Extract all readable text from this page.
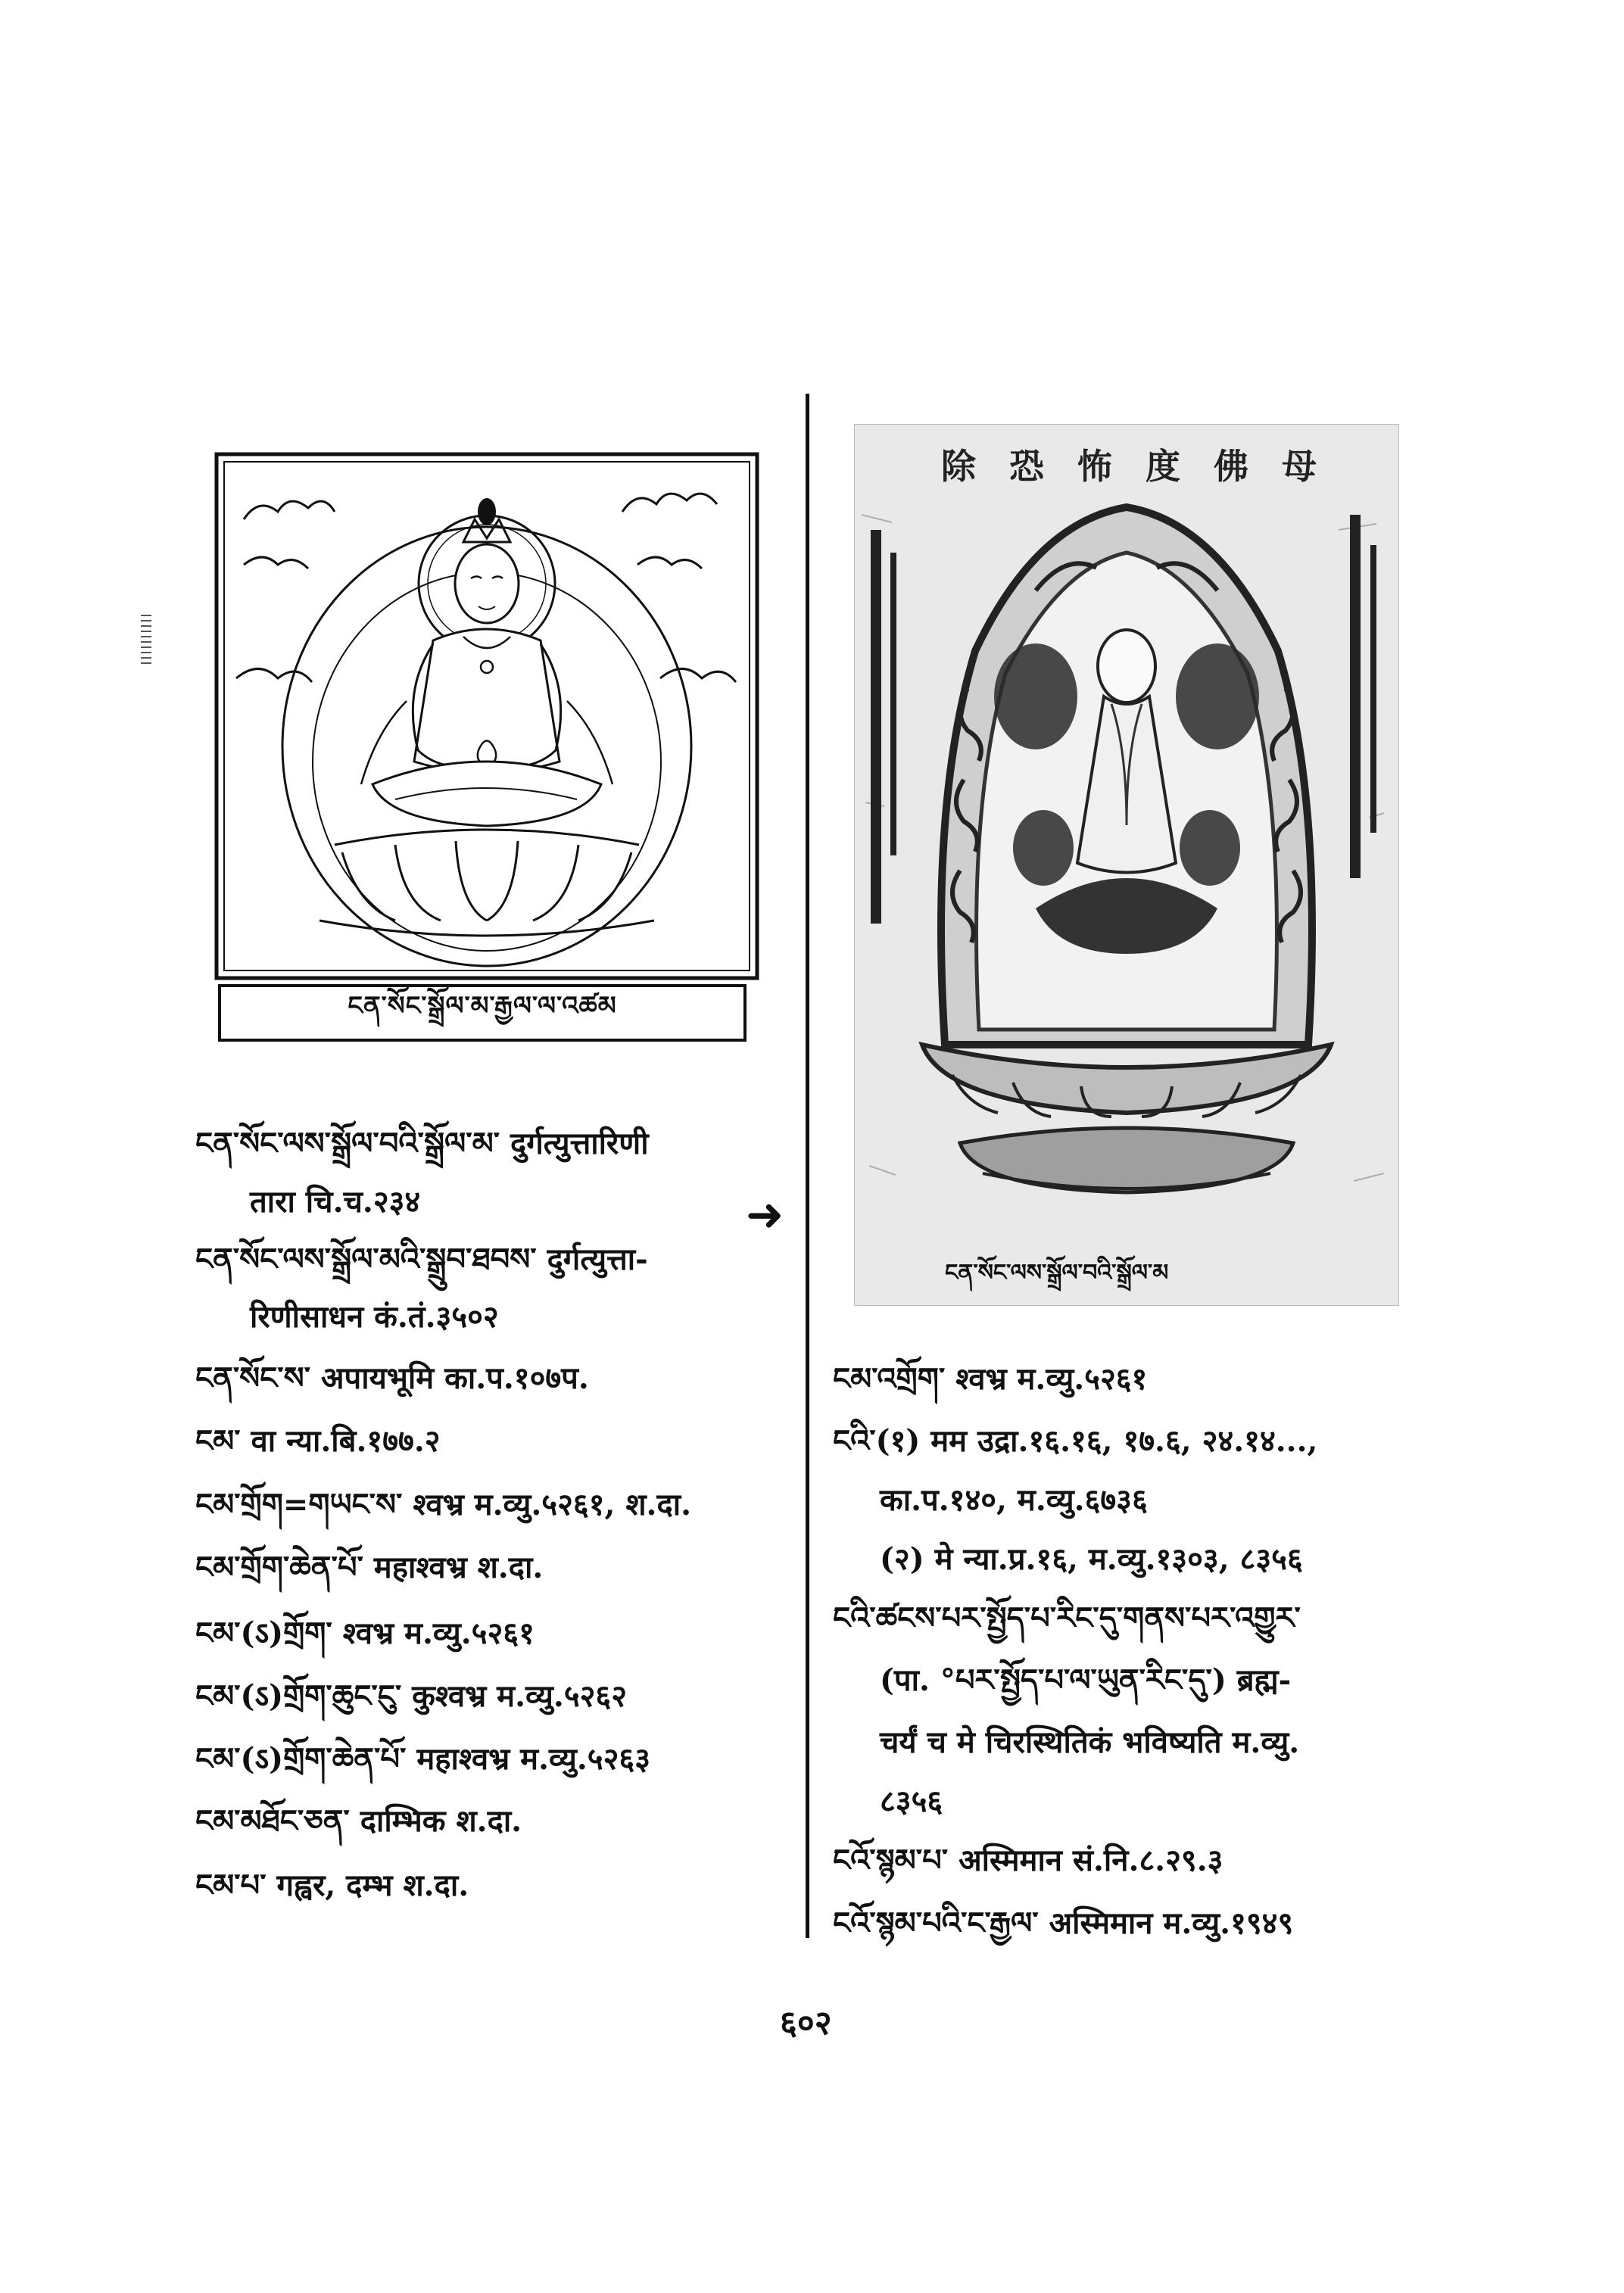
ངན་སོང་སྒྲོལ་མ་རྒྱལ་ལ་འཚམ
除 恐 怖 度 佛 母
ངན་སོང་ལས་སྒྲོལ་བའི་སྒྲོལ་མ
➜
ངན་སོང་ལས་སྒྲོལ་བའི་སྒྲོལ་མ་ दुर्गत्युत्तारिणी
तारा चि.च.२३४
ངན་སོང་ལས་སྒྲོལ་མའི་སྒྲུབ་ཐབས་ दुर्गत्युत्ता-
रिणीसाधन कं.तं.३५०२
ངན་སོང་ས་ अपायभूमि का.प.१०७प.
ངམ་ वा न्या.बि.१७७.२
ངམ་གྲོག=གཡང་ས་ श्वभ्र म.व्यु.५२६१, श.दा.
ངམ་གྲོག་ཆེན་པོ་ महाश्वभ्र श.दा.
ངམ་(ऽ)གྲོག་ श्वभ्र म.व्यु.५२६१
ངམ་(ऽ)གྲོག་ཆུང་ངུ་ कुश्वभ्र म.व्यु.५२६२
ངམ་(ऽ)གྲོག་ཆེན་པོ་ महाश्वभ्र म.व्यु.५२६३
ངམ་མཐོང་ཅན་ दाम्भिक श.दा.
ངམ་པ་ गह्वर, दम्भ श.दा.
ངམ་འགྲོག་ श्वभ्र म.व्यु.५२६१
ངའི་(१) मम उद्रा.१६.१६, १७.६, २४.१४...,
का.प.१४०, म.व्यु.६७३६
(२) मे न्या.प्र.१६, म.व्यु.१३०३, ८३५६
ངའི་ཚངས་པར་སྤྱོད་པ་རིང་དུ་གནས་པར་འགྱུར་
(पा. °པར་སྤྱོད་པ་ལ་ཡུན་རིང་དུ་) ब्रह्म-
चर्यं च मे चिरस्थितिकं भविष्यति म.व्यु.
८३५६
ངའོ་སྙམ་པ་ अस्मिमान सं.नि.८.२९.३
ངའོ་སྙམ་པའི་ང་རྒྱལ་ अस्मिमान म.व्यु.१९४९
६०२
